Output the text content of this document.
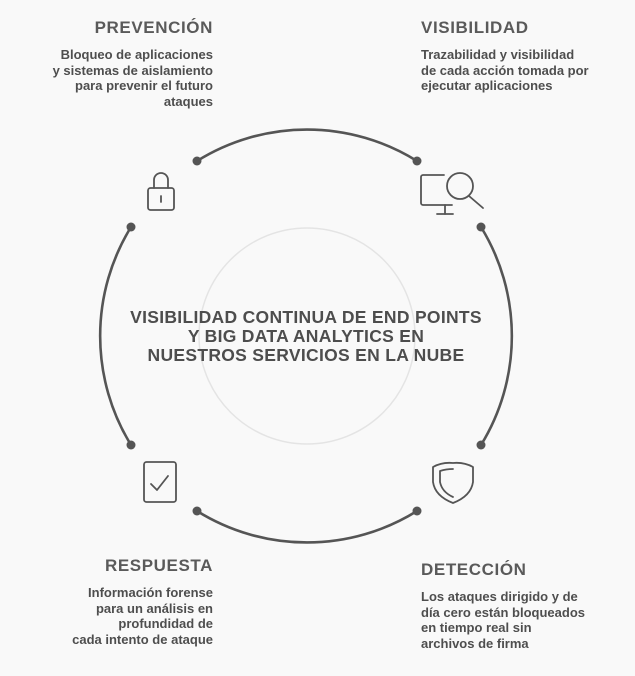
VISIBILIDAD CONTINUA DE END POINTS
Y BIG DATA ANALYTICS EN
NUESTROS SERVICIOS EN LA NUBE
PREVENCIÓN

Bloqueo de aplicaciones
y sistemas de aislamiento
para prevenir el futuro
ataques

VISIBILIDAD

Trazabilidad y visibilidad
de cada acción tomada por
ejecutar aplicaciones

RESPUESTA

Información forense
para un análisis en
profundidad de
cada intento de ataque

DETECCIÓN

Los ataques dirigido y de
día cero están bloqueados
en tiempo real sin
archivos de firma
